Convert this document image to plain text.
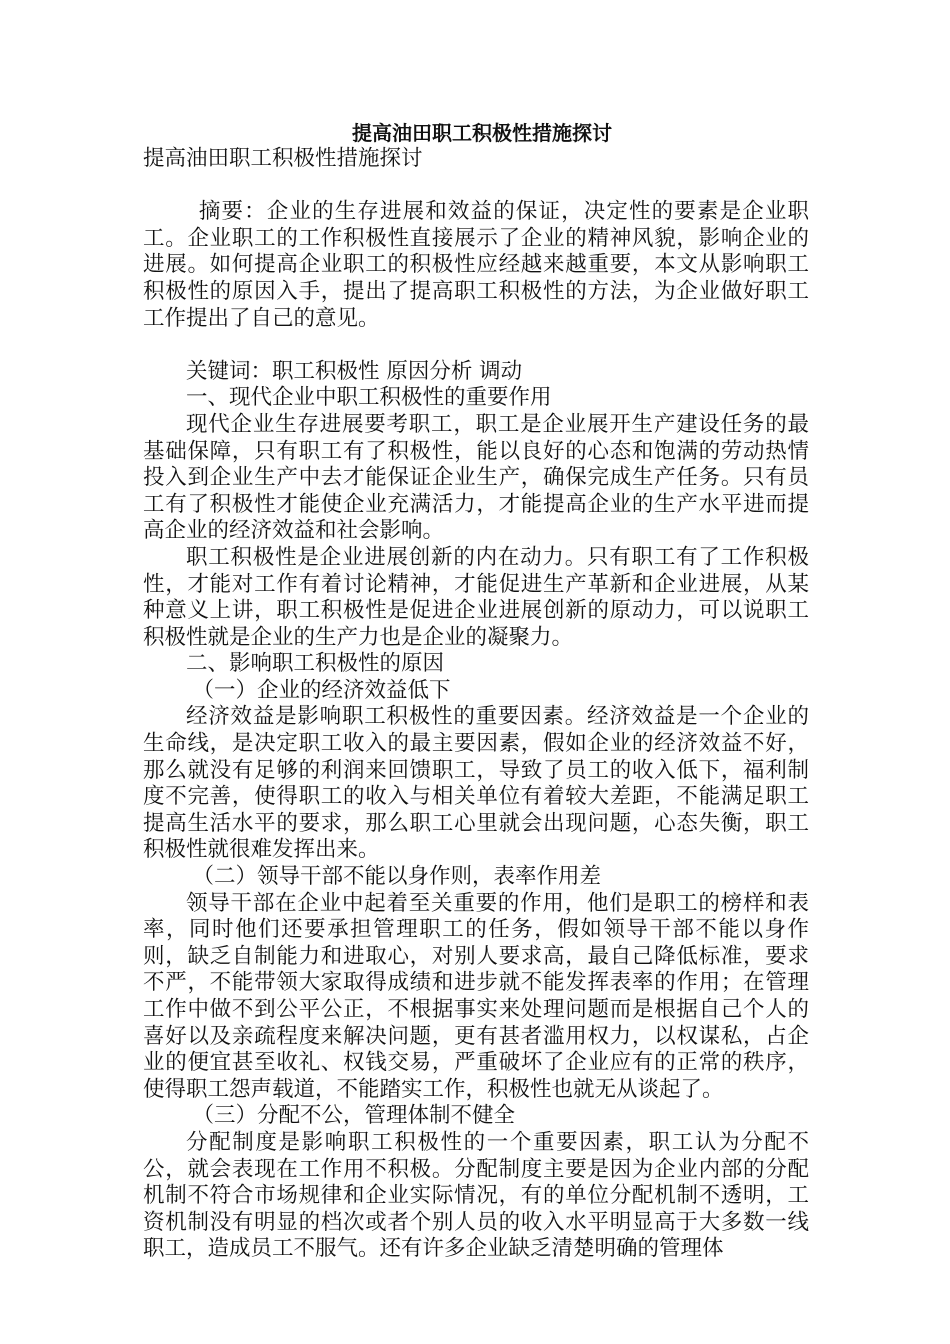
提高油田职工积极性措施探讨

提高油田职工积极性措施探讨

摘要：企业的生存进展和效益的保证，决定性的要素是企业职工。企业职工的工作积极性直接展示了企业的精神风貌，影响企业的进展。如何提高企业职工的积极性应经越来越重要，本文从影响职工积极性的原因入手，提出了提高职工积极性的方法，为企业做好职工工作提出了自己的意见。

关键词：职工积极性 原因分析 调动

一、现代企业中职工积极性的重要作用

现代企业生存进展要考职工，职工是企业展开生产建设任务的最基础保障，只有职工有了积极性，能以良好的心态和饱满的劳动热情投入到企业生产中去才能保证企业生产，确保完成生产任务。只有员工有了积极性才能使企业充满活力，才能提高企业的生产水平进而提高企业的经济效益和社会影响。

职工积极性是企业进展创新的内在动力。只有职工有了工作积极性，才能对工作有着讨论精神，才能促进生产革新和企业进展，从某种意义上讲，职工积极性是促进企业进展创新的原动力，可以说职工积极性就是企业的生产力也是企业的凝聚力。

二、影响职工积极性的原因

（一）企业的经济效益低下

经济效益是影响职工积极性的重要因素。经济效益是一个企业的生命线，是决定职工收入的最主要因素，假如企业的经济效益不好，那么就没有足够的利润来回馈职工，导致了员工的收入低下，福利制度不完善，使得职工的收入与相关单位有着较大差距，不能满足职工提高生活水平的要求，那么职工心里就会出现问题，心态失衡，职工积极性就很难发挥出来。

（二）领导干部不能以身作则，表率作用差

领导干部在企业中起着至关重要的作用，他们是职工的榜样和表率，同时他们还要承担管理职工的任务，假如领导干部不能以身作则，缺乏自制能力和进取心，对别人要求高，最自己降低标准，要求不严，不能带领大家取得成绩和进步就不能发挥表率的作用；在管理工作中做不到公平公正，不根据事实来处理问题而是根据自己个人的喜好以及亲疏程度来解决问题，更有甚者滥用权力，以权谋私，占企业的便宜甚至收礼、权钱交易，严重破坏了企业应有的正常的秩序，使得职工怨声载道，不能踏实工作，积极性也就无从谈起了。

（三）分配不公，管理体制不健全

分配制度是影响职工积极性的一个重要因素，职工认为分配不公，就会表现在工作用不积极。分配制度主要是因为企业内部的分配机制不符合市场规律和企业实际情况，有的单位分配机制不透明，工资机制没有明显的档次或者个别人员的收入水平明显高于大多数一线职工，造成员工不服气。还有许多企业缺乏清楚明确的管理体
